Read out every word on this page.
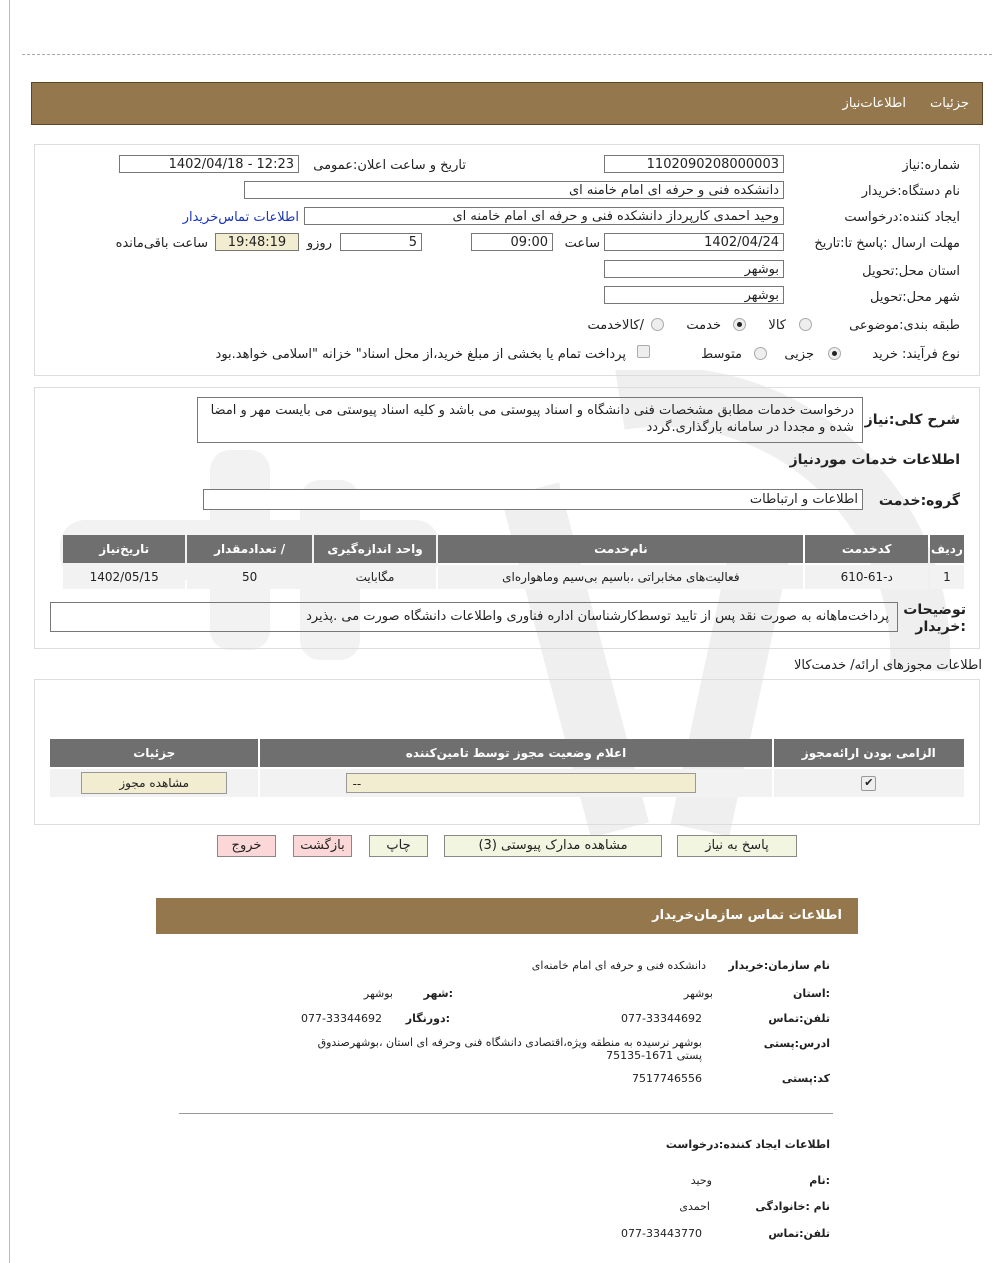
اطلاعات‌نیاز جزئیات
شماره:نیاز
1102090208000003
تاریخ و ساعت اعلان:عمومی
1402/04/18 - 12:23
نام دستگاه:خریدار
دانشکده فنی و حرفه ای امام خامنه ای
ایجاد کننده:درخواست
وحید احمدی کارپرداز دانشکده فنی و حرفه ای امام خامنه ای
اطلاعات تماس‌خریدار
مهلت ارسال :پاسخ تا:تاریخ
1402/04/24
ساعت
09:00
5
روزو
19:48:19
ساعت باقی‌مانده
استان محل:تحویل
بوشهر
شهر محل:تحویل
بوشهر
طبقه بندی:موضوعی
کالا
خدمت
/کالاخدمت
نوع فرآیند: خرید
جزیی
متوسط
پرداخت تمام یا بخشی از مبلغ خرید،از محل اسناد" خزانه "اسلامی خواهد.بود
شرح کلی:نیاز
درخواست خدمات مطابق مشخصات فنی دانشگاه و اسناد پیوستی می باشد و کلیه اسناد پیوستی می بایست مهر و امضا شده و مجددا در سامانه بارگذاری.گردد
اطلاعات خدمات موردنیاز
گروه:خدمت
اطلاعات و ارتباطات
ردیف	کدخدمت	نام‌خدمت	واحد اندازه‌گیری	/ تعدادمقدار	تاریخ‌نیاز
1	د-61-610	فعالیت‌های مخابراتی ،باسیم بی‌سیم وماهواره‌ای	مگابایت	50	1402/05/15
توضیحات :خریدار
پرداخت‌ماهانه به صورت نقد پس از تایید توسط‌کارشناسان اداره فناوری واطلاعات دانشگاه صورت می .پذیرد
اطلاعات مجوزهای ارائه/ خدمت‌کالا
الزامی بودن ارائه‌مجوز	اعلام وضعیت مجوز توسط تامین‌کننده	جزئیات
✔	--	مشاهده مجوز
پاسخ به نیاز
مشاهده مدارک پیوستی (3)
چاپ
بازگشت
خروج
اطلاعات تماس سازمان‌خریدار
نام سازمان:خریدار
دانشکده فنی و حرفه ای امام خامنه‌ای
:استان
بوشهر
:شهر
بوشهر
تلفن:تماس
077-33344692
:دورنگار
077-33344692
ادرس:پستی
بوشهر نرسیده به منطقه ویژه،اقتصادی دانشگاه فنی وحرفه ای استان ،بوشهرصندوق
پستی 1671-75135
کد:پستی
7517746556
اطلاعات ایجاد کننده:درخواست
:نام
وحید
نام :خانوادگی
احمدی
تلفن:تماس
077-33443770
